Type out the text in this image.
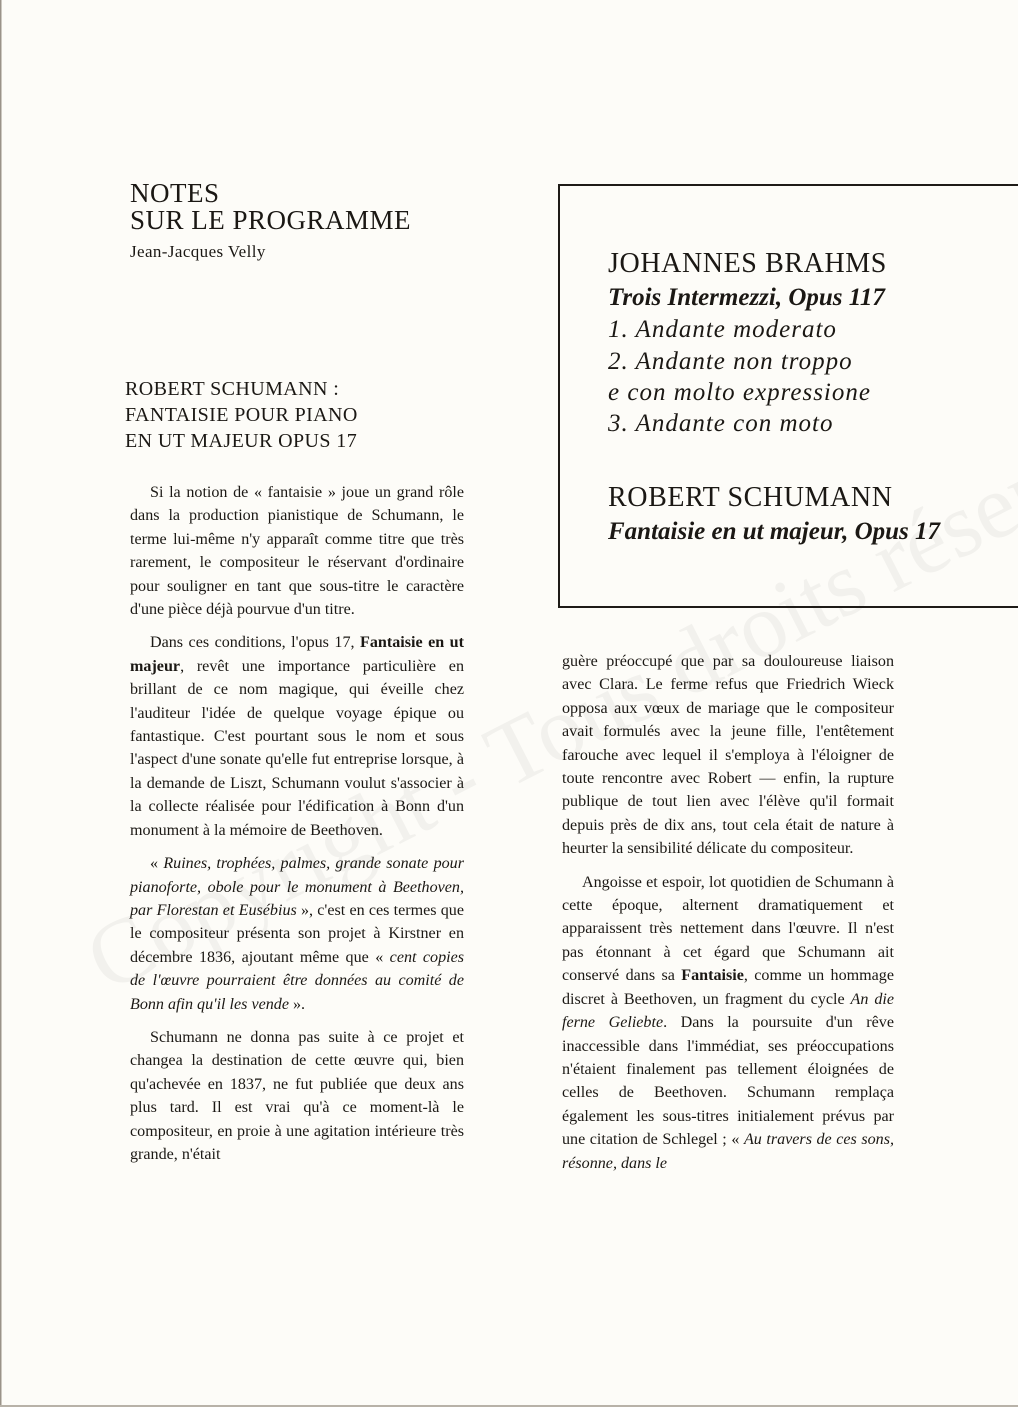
NOTES
SUR LE PROGRAMME
Jean-Jacques Velly
ROBERT SCHUMANN :
FANTAISIE POUR PIANO
EN UT MAJEUR OPUS 17

Si la notion de « fantaisie » joue un grand rôle dans la production pianistique de Schumann, le terme lui-même n'y apparaît comme titre que très rarement, le compositeur le réservant d'ordinaire pour souligner en tant que sous-titre le caractère d'une pièce déjà pourvue d'un titre.

Dans ces conditions, l'opus 17, Fantaisie en ut majeur, revêt une importance particulière en brillant de ce nom magique, qui éveille chez l'auditeur l'idée de quelque voyage épique ou fantastique. C'est pourtant sous le nom et sous l'aspect d'une sonate qu'elle fut entreprise lorsque, à la demande de Liszt, Schumann voulut s'associer à la collecte réalisée pour l'édification à Bonn d'un monument à la mémoire de Beethoven.

« Ruines, trophées, palmes, grande sonate pour pianoforte, obole pour le monument à Beethoven, par Florestan et Eusébius », c'est en ces termes que le compositeur présenta son projet à Kirstner en décembre 1836, ajoutant même que « cent copies de l'œuvre pourraient être données au comité de Bonn afin qu'il les vende ».

Schumann ne donna pas suite à ce projet et changea la destination de cette œuvre qui, bien qu'achevée en 1837, ne fut publiée que deux ans plus tard. Il est vrai qu'à ce moment-là le compositeur, en proie à une agitation intérieure très grande, n'était

JOHANNES BRAHMS
Trois Intermezzi, Opus 117
1. Andante moderato
2. Andante non troppo
e con molto expressione
3. Andante con moto
ROBERT SCHUMANN
Fantaisie en ut majeur, Opus 17

guère préoccupé que par sa douloureuse liaison avec Clara. Le ferme refus que Friedrich Wieck opposa aux vœux de mariage que le compositeur avait formulés avec la jeune fille, l'entêtement farouche avec lequel il s'employa à l'éloigner de toute rencontre avec Robert — enfin, la rupture publique de tout lien avec l'élève qu'il formait depuis près de dix ans, tout cela était de nature à heurter la sensibilité délicate du compositeur.

Angoisse et espoir, lot quotidien de Schumann à cette époque, alternent dramatiquement et apparaissent très nettement dans l'œuvre. Il n'est pas étonnant à cet égard que Schumann ait conservé dans sa Fantaisie, comme un hommage discret à Beethoven, un fragment du cycle An die ferne Geliebte. Dans la poursuite d'un rêve inaccessible dans l'immédiat, ses préoccupations n'étaient finalement pas tellement éloignées de celles de Beethoven. Schumann remplaça également les sous-titres initialement prévus par une citation de Schlegel ; « Au travers de ces sons, résonne, dans le
